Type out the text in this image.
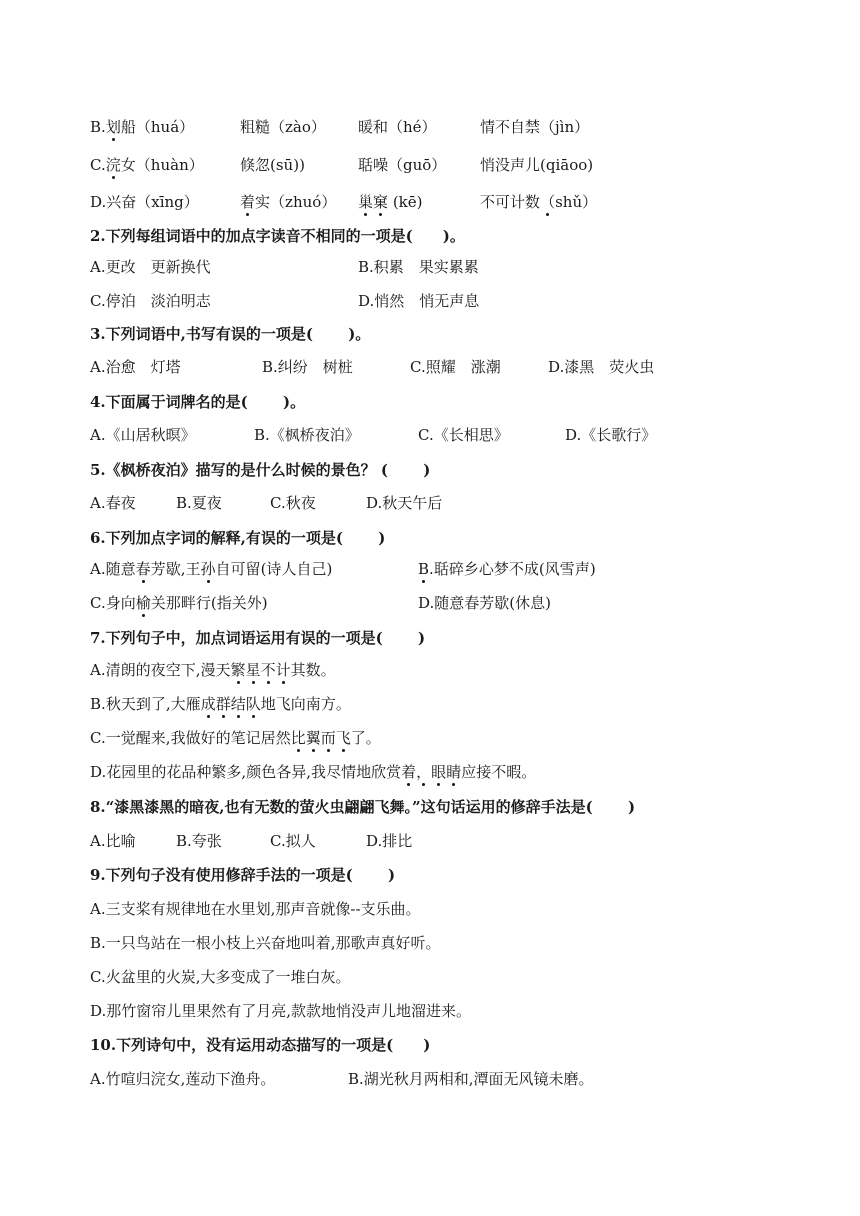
B.划船（huá）	粗糙（zào） 暖和（hé）	情不自禁（jìn）
C.浣女（huàn） 倏忽(sū))	聒噪（guō） 悄没声儿(qiāoo)
D.兴奋（xīng）	着实（zhuó） 巢窠 (kē)	不可计数（shǔ）
2.下列每组词语中的加点字读音不相同的一项是(　　)。
A.更改　更新换代	B.积累　果实累累
C.停泊　淡泊明志	D.悄然　悄无声息
3.下列词语中,书写有误的一项是(　　 )。
A.治愈　灯塔	B.纠纷　树桩	C.照耀　涨潮	D.漆黑　荧火虫
4.下面属于词牌名的是(　　 )。
A.《山居秋暝》	B.《枫桥夜泊》	C.《长相思》	D.《长歌行》
5.《枫桥夜泊》描写的是什么时候的景色？ (　　 )
A.春夜	B.夏夜	C.秋夜	D.秋天午后
6.下列加点字词的解释,有误的一项是(　　 )
A.随意春芳歇,王孙自可留(诗人自己)	B.聒碎乡心梦不成(风雪声)
C.身向榆关那畔行(指关外)	D.随意春芳歇(休息)
7.下列句子中，加点词语运用有误的一项是(　　 )
A.清朗的夜空下,漫天繁星不计其数。
B.秋天到了,大雁成群结队地飞向南方。
C.一觉醒来,我做好的笔记居然比翼而飞了。
D.花园里的花品种繁多,颜色各异,我尽情地欣赏着，眼睛应接不暇。
8.“漆黑漆黑的暗夜,也有无数的萤火虫翩翩飞舞。”这句话运用的修辞手法是(　　 )
A.比喻	B.夸张	C.拟人	D.排比
9.下列句子没有使用修辞手法的一项是(　　 )
A.三支桨有规律地在水里划,那声音就像--支乐曲。
B.一只鸟站在一根小枝上兴奋地叫着,那歌声真好听。
C.火盆里的火炭,大多变成了一堆白灰。
D.那竹窗帘儿里果然有了月亮,款款地悄没声儿地溜进来。
10.下列诗句中，没有运用动态描写的一项是(　　)
A.竹喧归浣女,莲动下渔舟。	B.湖光秋月两相和,潭面无风镜未磨。
